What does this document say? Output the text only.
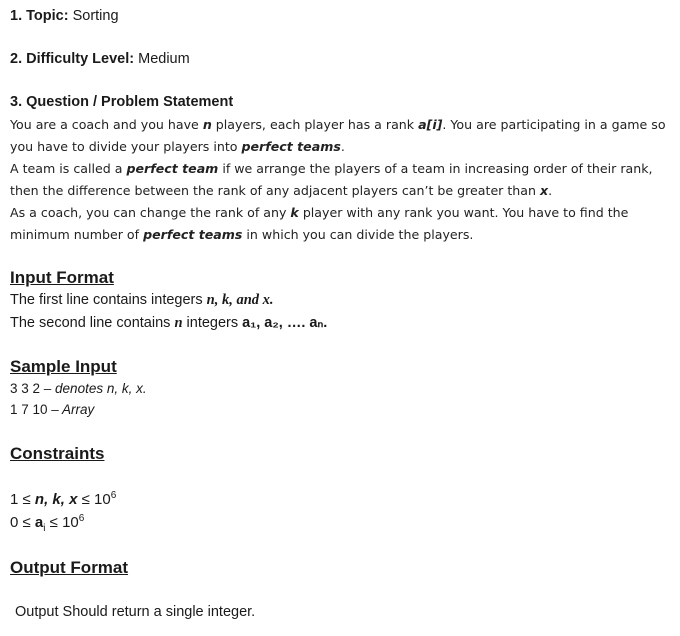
1. Topic: Sorting
2. Difficulty Level: Medium
3. Question / Problem Statement
You are a coach and you have n players, each player has a rank a[i]. You are participating in a game so
you have to divide your players into perfect teams.
A team is called a perfect team if we arrange the players of a team in increasing order of their rank,
then the difference between the rank of any adjacent players can’t be greater than x.
As a coach, you can change the rank of any k player with any rank you want. You have to find the
minimum number of perfect teams in which you can divide the players.
Input Format
The first line contains integers n, k, and x.
The second line contains n integers a₁, a₂, …. aₙ.
Sample Input
3 3 2 – denotes n, k, x.
1 7 10 – Array
Constraints
1 ≤ n, k, $x \le 10^6$
$0 \le a_i \le 10^6$
Output Format
Output Should return a single integer.
